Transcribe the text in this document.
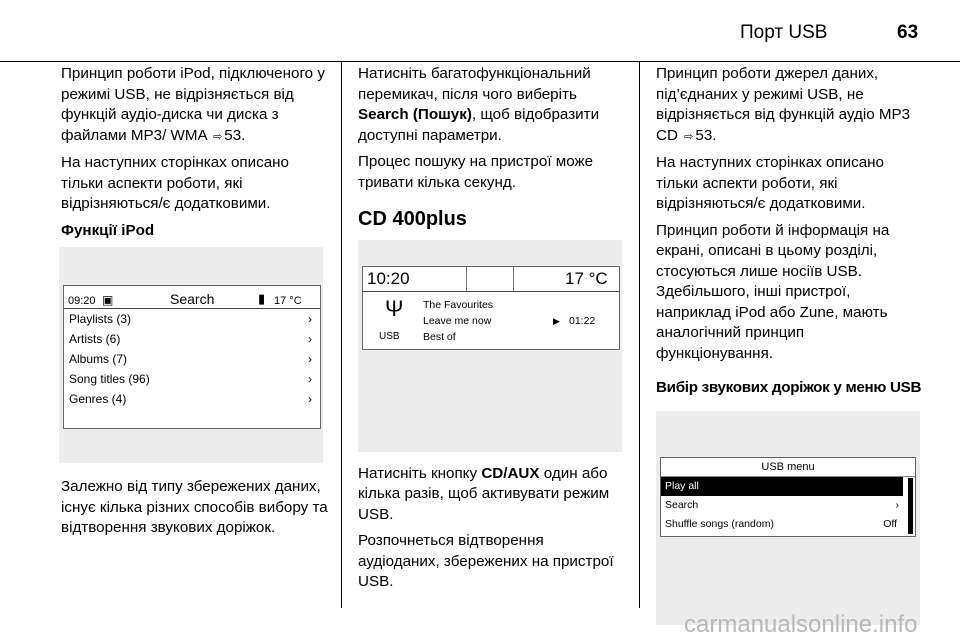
Порт USB	63

Принцип роботи iPod, підключеного у режимі USB, не відрізняється від функцій аудіо-диска чи диска з файлами MP3/ WMA ⇨ 53.

На наступних сторінках описано тільки аспекти роботи, які відрізняються/є додатковими.

Функції iPod

09:20 ▣	Search	▮ 17 °C
Playlists (3)	›
Artists (6)	›
Albums (7)	›
Song titles (96)	›
Genres (4)	›

Залежно від типу збережених даних, існує кілька різних способів вибору та відтворення звукових доріжок.

Натисніть багатофункціональний перемикач, після чого виберіть Search (Пошук), щоб відобразити доступні параметри.

Процес пошуку на пристрої може тривати кілька секунд.

CD 400plus

10:20	17 °C
Ψ
USB
The Favourites
Leave me now
Best of
▶ 01:22

Натисніть кнопку CD/AUX один або кілька разів, щоб активувати режим USB.

Розпочнеться відтворення аудіоданих, збережених на пристрої USB.

Принцип роботи джерел даних, під’єднаних у режимі USB, не відрізняється від функцій аудіо MP3 CD ⇨ 53.

На наступних сторінках описано тільки аспекти роботи, які відрізняються/є додатковими.

Принцип роботи й інформація на екрані, описані в цьому розділі, стосуються лише носіїв USB. Здебільшого, інші пристрої, наприклад iPod або Zune, мають аналогічний принцип функціонування.

Вибір звукових доріжок у меню USB

USB menu
Play all
Search	›
Shuffle songs (random)	Off
carmanualsonline.info
